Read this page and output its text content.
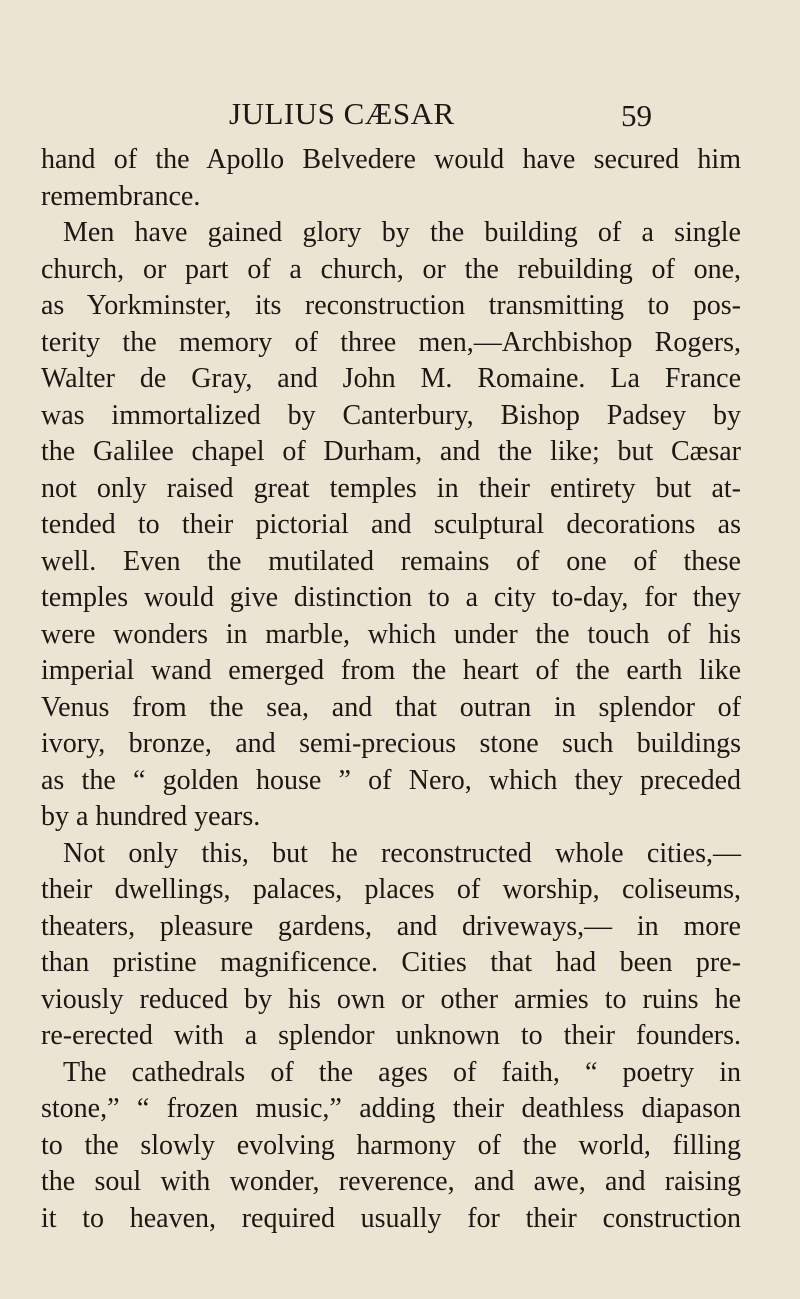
JULIUS CÆSAR	59
hand of the Apollo Belvedere would have secured him
remembrance.
Men have gained glory by the building of a single
church, or part of a church, or the rebuilding of one,
as Yorkminster, its reconstruction transmitting to pos-
terity the memory of three men,—Archbishop Rogers,
Walter de Gray, and John M. Romaine. La France
was immortalized by Canterbury, Bishop Padsey by
the Galilee chapel of Durham, and the like; but Cæsar
not only raised great temples in their entirety but at-
tended to their pictorial and sculptural decorations as
well. Even the mutilated remains of one of these
temples would give distinction to a city to-day, for they
were wonders in marble, which under the touch of his
imperial wand emerged from the heart of the earth like
Venus from the sea, and that outran in splendor of
ivory, bronze, and semi-precious stone such buildings
as the “ golden house ” of Nero, which they preceded
by a hundred years.
Not only this, but he reconstructed whole cities,—
their dwellings, palaces, places of worship, coliseums,
theaters, pleasure gardens, and driveways,— in more
than pristine magnificence. Cities that had been pre-
viously reduced by his own or other armies to ruins he
re-erected with a splendor unknown to their founders.
The cathedrals of the ages of faith, “ poetry in
stone,” “ frozen music,” adding their deathless diapason
to the slowly evolving harmony of the world, filling
the soul with wonder, reverence, and awe, and raising
it to heaven, required usually for their construction
